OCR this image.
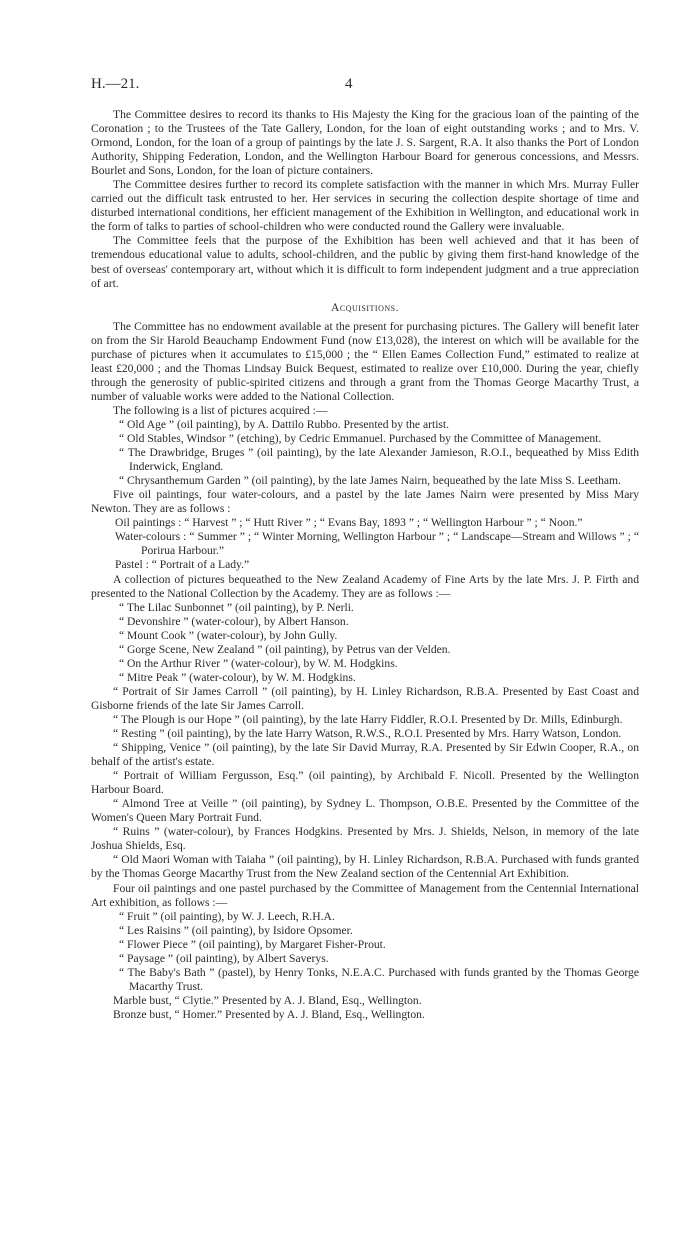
H.—21.	4

The Committee desires to record its thanks to His Majesty the King for the gracious loan of the painting of the Coronation ; to the Trustees of the Tate Gallery, London, for the loan of eight outstanding works ; and to Mrs. V. Ormond, London, for the loan of a group of paintings by the late J. S. Sargent, R.A. It also thanks the Port of London Authority, Shipping Federation, London, and the Wellington Harbour Board for generous concessions, and Messrs. Bourlet and Sons, London, for the loan of picture containers.

The Committee desires further to record its complete satisfaction with the manner in which Mrs. Murray Fuller carried out the difficult task entrusted to her. Her services in securing the collection despite shortage of time and disturbed international conditions, her efficient management of the Exhibition in Wellington, and educational work in the form of talks to parties of school-children who were conducted round the Gallery were invaluable.

The Committee feels that the purpose of the Exhibition has been well achieved and that it has been of tremendous educational value to adults, school-children, and the public by giving them first-hand knowledge of the best of overseas' contemporary art, without which it is difficult to form independent judgment and a true appreciation of art.

Acquisitions.

The Committee has no endowment available at the present for purchasing pictures. The Gallery will benefit later on from the Sir Harold Beauchamp Endowment Fund (now £13,028), the interest on which will be available for the purchase of pictures when it accumulates to £15,000 ; the “ Ellen Eames Collection Fund,” estimated to realize at least £20,000 ; and the Thomas Lindsay Buick Bequest, estimated to realize over £10,000. During the year, chiefly through the generosity of public-spirited citizens and through a grant from the Thomas George Macarthy Trust, a number of valuable works were added to the National Collection.

The following is a list of pictures acquired :—

“ Old Age ” (oil painting), by A. Dattilo Rubbo. Presented by the artist.

“ Old Stables, Windsor ” (etching), by Cedric Emmanuel. Purchased by the Committee of Management.

“ The Drawbridge, Bruges ” (oil painting), by the late Alexander Jamieson, R.O.I., bequeathed by Miss Edith Inderwick, England.

“ Chrysanthemum Garden ” (oil painting), by the late James Nairn, bequeathed by the late Miss S. Leetham.

Five oil paintings, four water-colours, and a pastel by the late James Nairn were presented by Miss Mary Newton. They are as follows :

Oil paintings : “ Harvest ” ; “ Hutt River ” ; “ Evans Bay, 1893 ” ; “ Wellington Harbour ” ; “ Noon.”

Water-colours : “ Summer ” ; “ Winter Morning, Wellington Harbour ” ; “ Landscape—Stream and Willows ” ; “ Porirua Harbour.”

Pastel : “ Portrait of a Lady.”

A collection of pictures bequeathed to the New Zealand Academy of Fine Arts by the late Mrs. J. P. Firth and presented to the National Collection by the Academy. They are as follows :—

“ The Lilac Sunbonnet ” (oil painting), by P. Nerli.

“ Devonshire ” (water-colour), by Albert Hanson.

“ Mount Cook ” (water-colour), by John Gully.

“ Gorge Scene, New Zealand ” (oil painting), by Petrus van der Velden.

“ On the Arthur River ” (water-colour), by W. M. Hodgkins.

“ Mitre Peak ” (water-colour), by W. M. Hodgkins.

“ Portrait of Sir James Carroll ” (oil painting), by H. Linley Richardson, R.B.A. Presented by East Coast and Gisborne friends of the late Sir James Carroll.

“ The Plough is our Hope ” (oil painting), by the late Harry Fiddler, R.O.I. Presented by Dr. Mills, Edinburgh.

“ Resting ” (oil painting), by the late Harry Watson, R.W.S., R.O.I. Presented by Mrs. Harry Watson, London.

“ Shipping, Venice ” (oil painting), by the late Sir David Murray, R.A. Presented by Sir Edwin Cooper, R.A., on behalf of the artist's estate.

“ Portrait of William Fergusson, Esq.” (oil painting), by Archibald F. Nicoll. Presented by the Wellington Harbour Board.

“ Almond Tree at Veille ” (oil painting), by Sydney L. Thompson, O.B.E. Presented by the Committee of the Women's Queen Mary Portrait Fund.

“ Ruins ” (water-colour), by Frances Hodgkins. Presented by Mrs. J. Shields, Nelson, in memory of the late Joshua Shields, Esq.

“ Old Maori Woman with Taiaha ” (oil painting), by H. Linley Richardson, R.B.A. Purchased with funds granted by the Thomas George Macarthy Trust from the New Zealand section of the Centennial Art Exhibition.

Four oil paintings and one pastel purchased by the Committee of Management from the Centennial International Art exhibition, as follows :—

“ Fruit ” (oil painting), by W. J. Leech, R.H.A.

“ Les Raisins ” (oil painting), by Isidore Opsomer.

“ Flower Piece ” (oil painting), by Margaret Fisher-Prout.

“ Paysage ” (oil painting), by Albert Saverys.

“ The Baby's Bath ” (pastel), by Henry Tonks, N.E.A.C. Purchased with funds granted by the Thomas George Macarthy Trust.

Marble bust, “ Clytie.” Presented by A. J. Bland, Esq., Wellington.

Bronze bust, “ Homer.” Presented by A. J. Bland, Esq., Wellington.
